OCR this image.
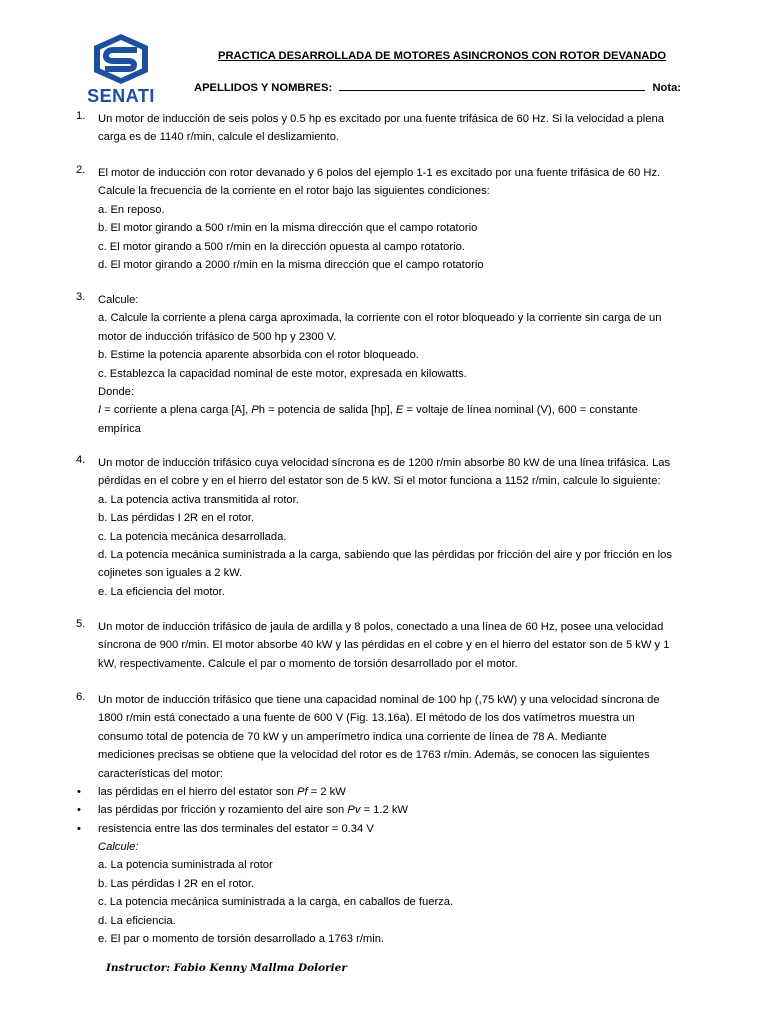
SENATI
PRACTICA DESARROLLADA DE MOTORES ASINCRONOS CON ROTOR DEVANADO
APELLIDOS Y NOMBRES:	Nota:
1. Un motor de inducción de seis polos y 0.5 hp es excitado por una fuente trifásica de 60 Hz. Si la velocidad a plena
carga es de 1140 r/min, calcule el deslizamiento.
2. El motor de inducción con rotor devanado y 6 polos del ejemplo 1-1 es excitado por una fuente trifásica de 60 Hz.
Calcule la frecuencia de la corriente en el rotor bajo las siguientes condiciones:
a. En reposo.
b. El motor girando a 500 r/min en la misma dirección que el campo rotatorio
c. El motor girando a 500 r/min en la dirección opuesta al campo rotatorio.
d. El motor girando a 2000 r/min en la misma dirección que el campo rotatorio
3. Calcule:
a. Calcule la corriente a plena carga aproximada, la corriente con el rotor bloqueado y la corriente sin carga de un
motor de inducción trifásico de 500 hp y 2300 V.
b. Estime la potencia aparente absorbida con el rotor bloqueado.
c. Establezca la capacidad nominal de este motor, expresada en kilowatts.
Donde:
I = corriente a plena carga [A], Ph = potencia de salida [hp], E = voltaje de línea nominal (V), 600 = constante
empírica
4. Un motor de inducción trifásico cuya velocidad síncrona es de 1200 r/min absorbe 80 kW de una línea trifásica. Las
pérdidas en el cobre y en el hierro del estator son de 5 kW. Si el motor funciona a 1152 r/min, calcule lo siguiente:
a. La potencia activa transmitida al rotor.
b. Las pérdidas I 2R en el rotor.
c. La potencia mecánica desarrollada.
d. La potencia mecánica suministrada a la carga, sabiendo que las pérdidas por fricción del aire y por fricción en los
cojinetes son iguales a 2 kW.
e. La eficiencia del motor.
5. Un motor de inducción trifásico de jaula de ardilla y 8 polos, conectado a una línea de 60 Hz, posee una velocidad
síncrona de 900 r/min. El motor absorbe 40 kW y las pérdidas en el cobre y en el hierro del estator son de 5 kW y 1
kW, respectivamente. Calcule el par o momento de torsión desarrollado por el motor.
6. Un motor de inducción trifásico que tiene una capacidad nominal de 100 hp (,75 kW) y una velocidad síncrona de
1800 r/min está conectado a una fuente de 600 V (Fig. 13.16a). El método de los dos vatímetros muestra un
consumo total de potencia de 70 kW y un amperímetro indica una corriente de línea de 78 A. Mediante
mediciones precisas se obtiene que la velocidad del rotor es de 1763 r/min. Además, se conocen las siguientes
características del motor:
• las pérdidas en el hierro del estator son Pf = 2 kW
• las pérdidas por fricción y rozamiento del aire son Pv = 1.2 kW
• resistencia entre las dos terminales del estator = 0.34 V
Calcule:
a. La potencia suministrada al rotor
b. Las pérdidas I 2R en el rotor.
c. La potencia mecánica suministrada a la carga, en caballos de fuerza.
d. La eficiencia.
e. El par o momento de torsión desarrollado a 1763 r/min.
Instructor: Fabio Kenny Mallma Dolorier
